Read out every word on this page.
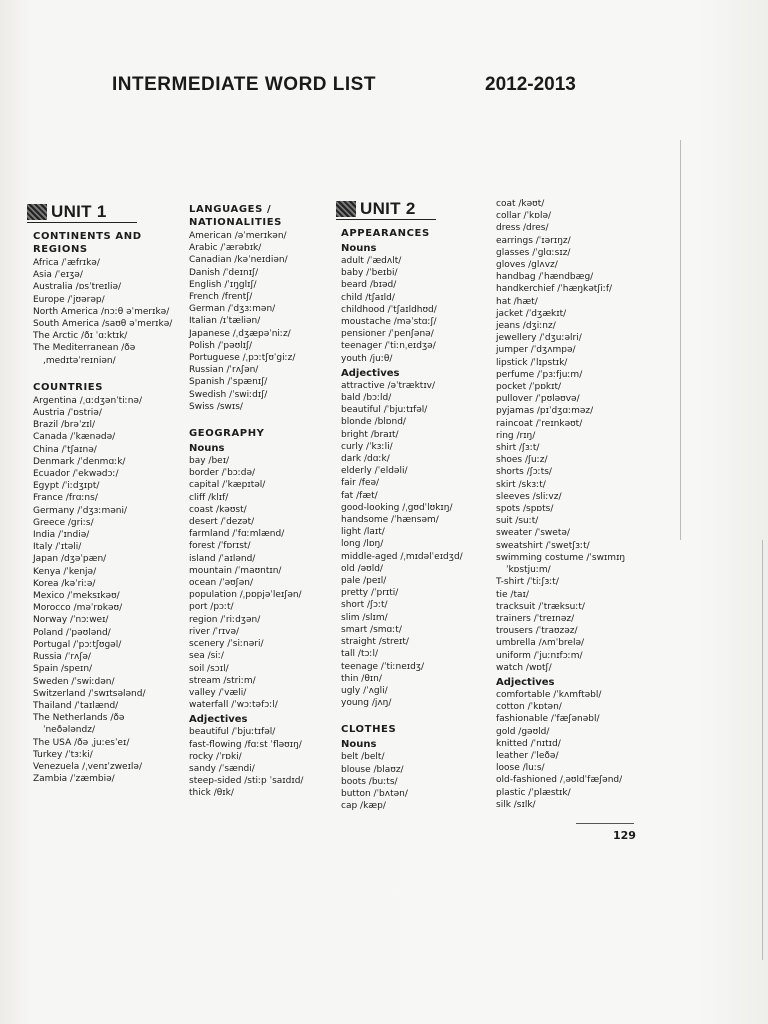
INTERMEDIATE WORD LIST	2012-2013
UNIT 1	UNIT 2
CONTINENTS AND REGIONS
Africa /ˈæfrɪkə/
Asia /ˈeɪʒə/
Australia /ɒsˈtreɪliə/
Europe /ˈjʊərəp/
North America /nɔːθ əˈmerɪkə/
South America /saʊθ əˈmerɪkə/
The Arctic /ðɪ ˈɑːktɪk/
The Mediterranean /ðə
,medɪtəˈreɪniən/
COUNTRIES
Argentina /ˌɑːdʒənˈtiːnə/
Austria /ˈɒstriə/
Brazil /brəˈzɪl/
Canada /ˈkænədə/
China /ˈtʃaɪnə/
Denmark /ˈdenmɑːk/
Ecuador /ˈekwədɔː/
Egypt /ˈiːdʒɪpt/
France /frɑːns/
Germany /ˈdʒɜːməni/
Greece /griːs/
India /ˈɪndiə/
Italy /ˈɪtəli/
Japan /dʒəˈpæn/
Kenya /ˈkenjə/
Korea /kəˈriːə/
Mexico /ˈmeksɪkəʊ/
Morocco /məˈrɒkəʊ/
Norway /ˈnɔːweɪ/
Poland /ˈpəʊlənd/
Portugal /ˈpɔːtʃʊgəl/
Russia /ˈrʌʃə/
Spain /speɪn/
Sweden /ˈswiːdən/
Switzerland /ˈswɪtsələnd/
Thailand /ˈtaɪlænd/
The Netherlands /ðə
ˈneðələndz/
The USA /ðə ˌjuːesˈeɪ/
Turkey /ˈtɜːki/
Venezuela /ˌvenɪˈzweɪlə/
Zambia /ˈzæmbiə/
LANGUAGES / NATIONALITIES
American /əˈmerɪkən/
Arabic /ˈærəbɪk/
Canadian /kəˈneɪdiən/
Danish /ˈdeɪnɪʃ/
English /ˈɪŋglɪʃ/
French /frentʃ/
German /ˈdʒɜːmən/
Italian /ɪˈtæliən/
Japanese /ˌdʒæpəˈniːz/
Polish /ˈpəʊlɪʃ/
Portuguese /ˌpɔːtʃʊˈgiːz/
Russian /ˈrʌʃən/
Spanish /ˈspænɪʃ/
Swedish /ˈswiːdɪʃ/
Swiss /swɪs/
GEOGRAPHY
Nouns
bay /beɪ/
border /ˈbɔːdə/
capital /ˈkæpɪtəl/
cliff /klɪf/
coast /kəʊst/
desert /ˈdezət/
farmland /ˈfɑːmlænd/
forest /ˈfɒrɪst/
island /ˈaɪlənd/
mountain /ˈmaʊntɪn/
ocean /ˈəʊʃən/
population /ˌpɒpjəˈleɪʃən/
port /pɔːt/
region /ˈriːdʒən/
river /ˈrɪvə/
scenery /ˈsiːnəri/
sea /siː/
soil /sɔɪl/
stream /striːm/
valley /ˈvæli/
waterfall /ˈwɔːtəfɔːl/
Adjectives
beautiful /ˈbjuːtɪfəl/
fast-flowing /fɑːst ˈfləʊɪŋ/
rocky /ˈrɒki/
sandy /ˈsændi/
steep-sided /stiːp ˈsaɪdɪd/
thick /θɪk/
APPEARANCES
Nouns
adult /ˈædʌlt/
baby /ˈbeɪbi/
beard /bɪəd/
child /tʃaɪld/
childhood /ˈtʃaɪldhʊd/
moustache /məˈstɑːʃ/
pensioner /ˈpenʃənə/
teenager /ˈtiːnˌeɪdʒə/
youth /juːθ/
Adjectives
attractive /əˈtræktɪv/
bald /bɔːld/
beautiful /ˈbjuːtɪfəl/
blonde /blɒnd/
bright /braɪt/
curly /ˈkɜːli/
dark /dɑːk/
elderly /ˈeldəli/
fair /feə/
fat /fæt/
good-looking /ˌgʊdˈlʊkɪŋ/
handsome /ˈhænsəm/
light /laɪt/
long /lɒŋ/
middle-aged /ˌmɪdəlˈeɪdʒd/
old /əʊld/
pale /peɪl/
pretty /ˈprɪti/
short /ʃɔːt/
slim /slɪm/
smart /smɑːt/
straight /streɪt/
tall /tɔːl/
teenage /ˈtiːneɪdʒ/
thin /θɪn/
ugly /ˈʌgli/
young /jʌŋ/
CLOTHES
Nouns
belt /belt/
blouse /blaʊz/
boots /buːts/
button /ˈbʌtən/
cap /kæp/
coat /kəʊt/
collar /ˈkɒlə/
dress /dres/
earrings /ˈɪərɪŋz/
glasses /ˈglɑːsɪz/
gloves /glʌvz/
handbag /ˈhændbæg/
handkerchief /ˈhæŋkətʃiːf/
hat /hæt/
jacket /ˈdʒækɪt/
jeans /dʒiːnz/
jewellery /ˈdʒuːəlri/
jumper /ˈdʒʌmpə/
lipstick /ˈlɪpstɪk/
perfume /ˈpɜːfjuːm/
pocket /ˈpɒkɪt/
pullover /ˈpʊləʊvə/
pyjamas /pɪˈdʒɑːməz/
raincoat /ˈreɪnkəʊt/
ring /rɪŋ/
shirt /ʃɜːt/
shoes /ʃuːz/
shorts /ʃɔːts/
skirt /skɜːt/
sleeves /sliːvz/
spots /spɒts/
suit /suːt/
sweater /ˈswetə/
sweatshirt /ˈswetʃɜːt/
swimming costume /ˈswɪmɪŋ
ˈkɒstjuːm/
T-shirt /ˈtiːʃɜːt/
tie /taɪ/
tracksuit /ˈtræksuːt/
trainers /ˈtreɪnəz/
trousers /ˈtraʊzəz/
umbrella /ʌmˈbrelə/
uniform /ˈjuːnɪfɔːm/
watch /wɒtʃ/
Adjectives
comfortable /ˈkʌmftəbl/
cotton /ˈkɒtən/
fashionable /ˈfæʃənəbl/
gold /gəʊld/
knitted /ˈnɪtɪd/
leather /ˈleðə/
loose /luːs/
old-fashioned /ˌəʊldˈfæʃənd/
plastic /ˈplæstɪk/
silk /sɪlk/
129
